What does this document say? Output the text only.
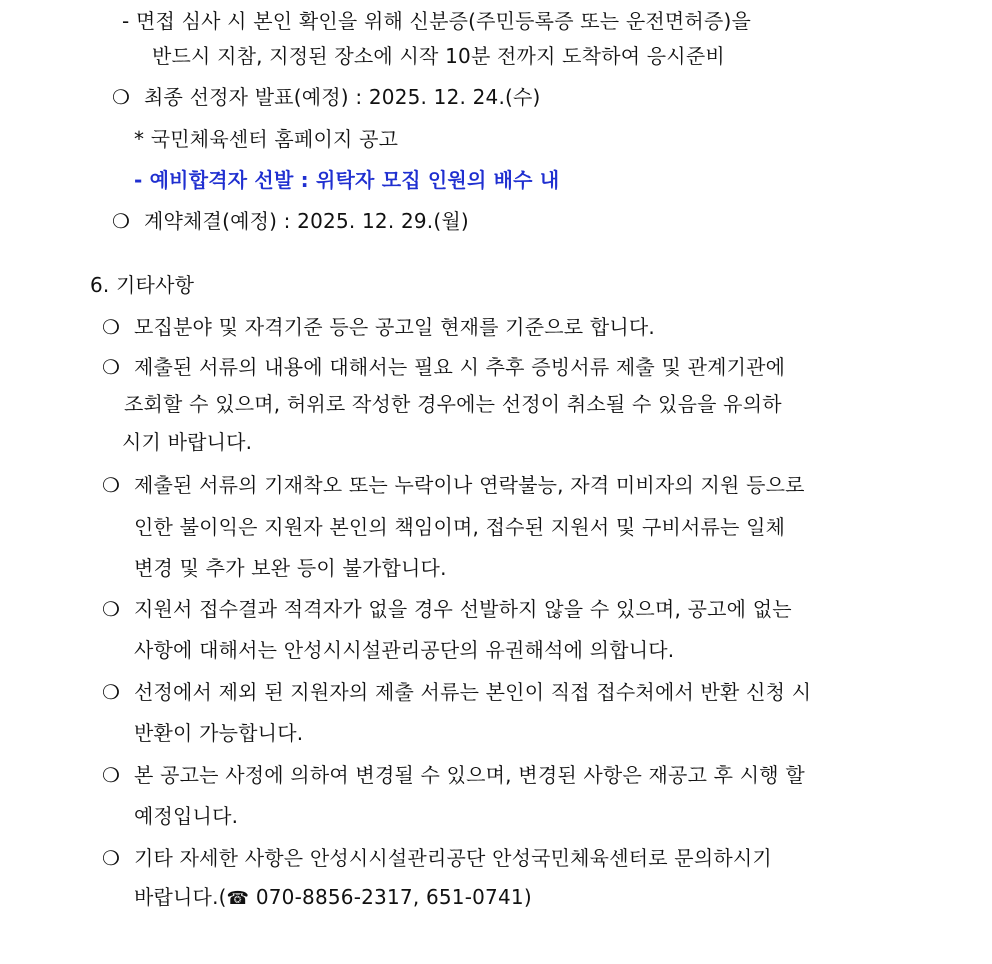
- 면접 심사 시 본인 확인을 위해 신분증(주민등록증 또는 운전면허증)을
반드시 지참, 지정된 장소에 시작 10분 전까지 도착하여 응시준비
❍ 최종 선정자 발표(예정) : 2025. 12. 24.(수)
* 국민체육센터 홈페이지 공고
- 예비합격자 선발 : 위탁자 모집 인원의 배수 내
❍ 계약체결(예정) : 2025. 12. 29.(월)
6. 기타사항
❍ 모집분야 및 자격기준 등은 공고일 현재를 기준으로 합니다.
❍ 제출된 서류의 내용에 대해서는 필요 시 추후 증빙서류 제출 및 관계기관에
조회할 수 있으며, 허위로 작성한 경우에는 선정이 취소될 수 있음을 유의하
시기 바랍니다.
❍ 제출된 서류의 기재착오 또는 누락이나 연락불능, 자격 미비자의 지원 등으로
인한 불이익은 지원자 본인의 책임이며, 접수된 지원서 및 구비서류는 일체
변경 및 추가 보완 등이 불가합니다.
❍ 지원서 접수결과 적격자가 없을 경우 선발하지 않을 수 있으며, 공고에 없는
사항에 대해서는 안성시시설관리공단의 유권해석에 의합니다.
❍ 선정에서 제외 된 지원자의 제출 서류는 본인이 직접 접수처에서 반환 신청 시
반환이 가능합니다.
❍ 본 공고는 사정에 의하여 변경될 수 있으며, 변경된 사항은 재공고 후 시행 할
예정입니다.
❍ 기타 자세한 사항은 안성시시설관리공단 안성국민체육센터로 문의하시기
바랍니다.(☎ 070-8856-2317, 651-0741)
